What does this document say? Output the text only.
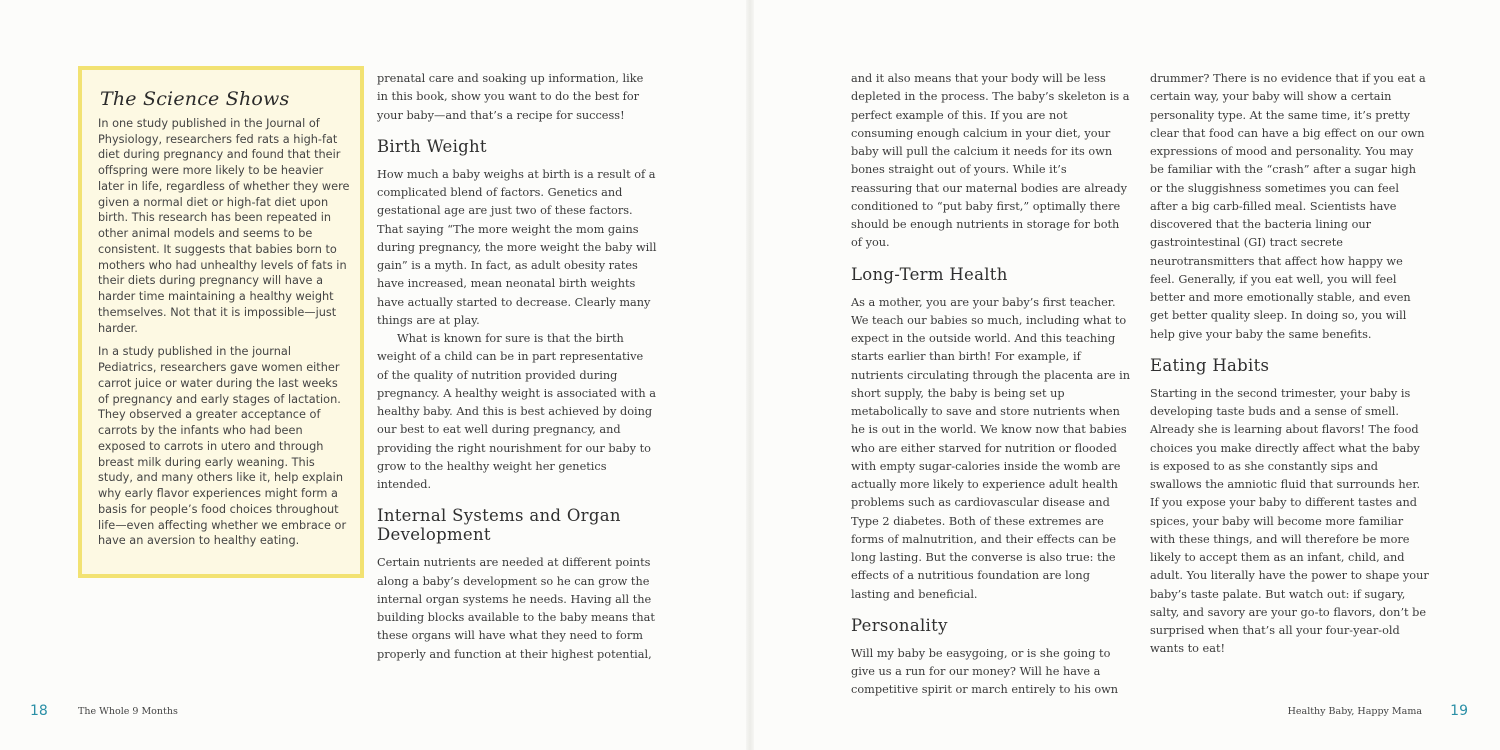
The Science Shows

In one study published in the Journal of Physiology, researchers fed rats a high-fat diet during pregnancy and found that their offspring were more likely to be heavier later in life, regardless of whether they were given a normal diet or high-fat diet upon birth. This research has been repeated in other animal models and seems to be consistent. It suggests that babies born to mothers who had unhealthy levels of fats in their diets during pregnancy will have a harder time maintaining a healthy weight themselves. Not that it is impossible—just harder.

In a study published in the journal Pediatrics, researchers gave women either carrot juice or water during the last weeks of pregnancy and early stages of lactation. They observed a greater acceptance of carrots by the infants who had been exposed to carrots in utero and through breast milk during early weaning. This study, and many others like it, help explain why early flavor experiences might form a basis for people’s food choices throughout life—even affecting whether we embrace or have an aversion to healthy eating.

prenatal care and soaking up information, like in this book, show you want to do the best for your baby—and that’s a recipe for success!

Birth Weight

How much a baby weighs at birth is a result of a complicated blend of factors. Genetics and gestational age are just two of these factors. That saying “The more weight the mom gains during pregnancy, the more weight the baby will gain” is a myth. In fact, as adult obesity rates have increased, mean neonatal birth weights have actually started to decrease. Clearly many things are at play.

What is known for sure is that the birth weight of a child can be in part representative of the quality of nutrition provided during pregnancy. A healthy weight is associated with a healthy baby. And this is best achieved by doing our best to eat well during pregnancy, and providing the right nourishment for our baby to grow to the healthy weight her genetics intended.

Internal Systems and Organ Development

Certain nutrients are needed at different points along a baby’s development so he can grow the internal organ systems he needs. Having all the building blocks available to the baby means that these organs will have what they need to form properly and function at their highest potential,

and it also means that your body will be less depleted in the process. The baby’s skeleton is a perfect example of this. If you are not consuming enough calcium in your diet, your baby will pull the calcium it needs for its own bones straight out of yours. While it’s reassuring that our maternal bodies are already conditioned to “put baby first,” optimally there should be enough nutrients in storage for both of you.

Long-Term Health

As a mother, you are your baby’s first teacher. We teach our babies so much, including what to expect in the outside world. And this teaching starts earlier than birth! For example, if nutrients circulating through the placenta are in short supply, the baby is being set up metabolically to save and store nutrients when he is out in the world. We know now that babies who are either starved for nutrition or flooded with empty sugar-calories inside the womb are actually more likely to experience adult health problems such as cardiovascular disease and Type 2 diabetes. Both of these extremes are forms of malnutrition, and their effects can be long lasting. But the converse is also true: the effects of a nutritious foundation are long lasting and beneficial.

Personality

Will my baby be easygoing, or is she going to give us a run for our money? Will he have a competitive spirit or march entirely to his own

drummer? There is no evidence that if you eat a certain way, your baby will show a certain personality type. At the same time, it’s pretty clear that food can have a big effect on our own expressions of mood and personality. You may be familiar with the “crash” after a sugar high or the sluggishness sometimes you can feel after a big carb-filled meal. Scientists have discovered that the bacteria lining our gastrointestinal (GI) tract secrete neurotransmitters that affect how happy we feel. Generally, if you eat well, you will feel better and more emotionally stable, and even get better quality sleep. In doing so, you will help give your baby the same benefits.

Eating Habits

Starting in the second trimester, your baby is developing taste buds and a sense of smell. Already she is learning about flavors! The food choices you make directly affect what the baby is exposed to as she constantly sips and swallows the amniotic fluid that surrounds her. If you expose your baby to different tastes and spices, your baby will become more familiar with these things, and will therefore be more likely to accept them as an infant, child, and adult. You literally have the power to shape your baby’s taste palate. But watch out: if sugary, salty, and savory are your go-to flavors, don’t be surprised when that’s all your four-year-old wants to eat!

18	The Whole 9 Months	Healthy Baby, Happy Mama 19
